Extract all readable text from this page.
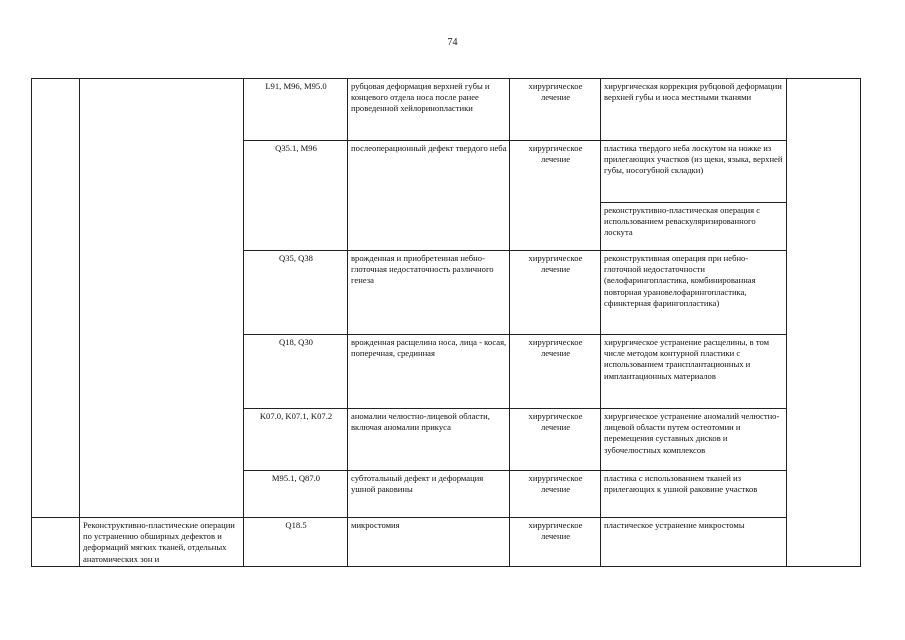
74
		L91, M96, M95.0	рубцовая деформация верхней губы и концевого отдела носа после ранее проведенной хейлоринопластики	хирургическое лечение	хирургическая коррекция рубцовой деформации верхней губы и носа местными тканями	
		Q35.1, M96	послеоперационный дефект твердого неба	хирургическое лечение	пластика твердого неба лоскутом на ножке из прилегающих участков (из щеки, языка, верхней губы, носогубной складки)	
					реконструктивно-пластическая операция с использованием реваскуляризированного лоскута	
		Q35, Q38	врожденная и приобретенная небно-глоточная недостаточность различного генеза	хирургическое лечение	реконструктивная операция при небно-глоточной недостаточности (велофарингопластика, комбинированная повторная урановелофарингопластика, сфинктерная фарингопластика)	
		Q18, Q30	врожденная расщелина носа, лица - косая, поперечная, срединная	хирургическое лечение	хирургическое устранение расщелины, в том числе методом контурной пластики с использованием трансплантационных и имплантационных материалов	
		K07.0, K07.1, K07.2	аномалии челюстно-лицевой области, включая аномалии прикуса	хирургическое лечение	хирургическое устранение аномалий челюстно-лицевой области путем остеотомии и перемещения суставных дисков и зубочелюстных комплексов	
		M95.1, Q87.0	субтотальный дефект и деформация ушной раковины	хирургическое лечение	пластика с использованием тканей из прилегающих к ушной раковине участков	
	Реконструктивно-пластические операции по устранению обширных дефектов и деформаций мягких тканей, отдельных анатомических зон и	Q18.5	микростомия	хирургическое лечение	пластическое устранение микростомы	
